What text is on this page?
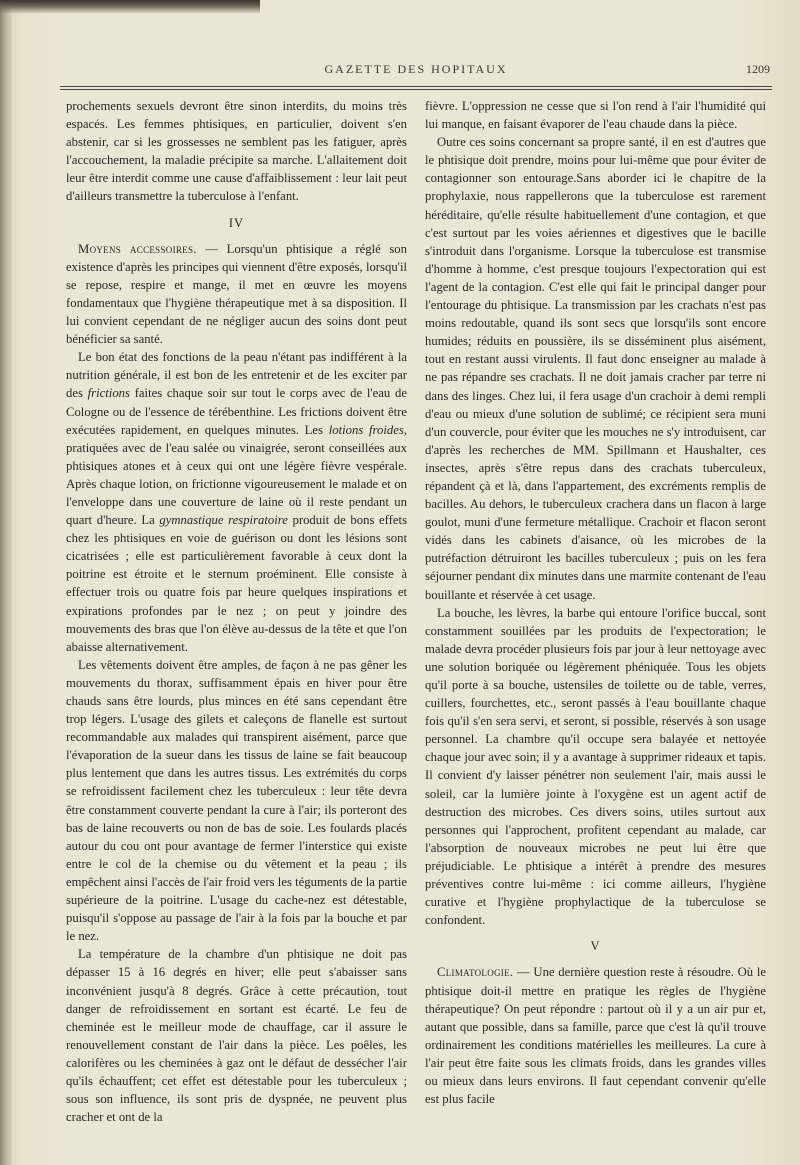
GAZETTE DES HOPITAUX	1209

prochements sexuels devront être sinon interdits, du moins très espacés. Les femmes phtisiques, en particulier, doivent s'en abstenir, car si les grossesses ne semblent pas les fatiguer, après l'accouchement, la maladie précipite sa marche. L'allaitement doit leur être interdit comme une cause d'affaiblissement : leur lait peut d'ailleurs transmettre la tuberculose à l'enfant.

IV

Moyens accessoires. — Lorsqu'un phtisique a réglé son existence d'après les principes qui viennent d'être exposés, lorsqu'il se repose, respire et mange, il met en œuvre les moyens fondamentaux que l'hygiène thérapeutique met à sa disposition. Il lui convient cependant de ne négliger aucun des soins dont peut bénéficier sa santé.

Le bon état des fonctions de la peau n'étant pas indifférent à la nutrition générale, il est bon de les entretenir et de les exciter par des frictions faites chaque soir sur tout le corps avec de l'eau de Cologne ou de l'essence de térébenthine. Les frictions doivent être exécutées rapidement, en quelques minutes. Les lotions froides, pratiquées avec de l'eau salée ou vinaigrée, seront conseillées aux phtisiques atones et à ceux qui ont une légère fièvre vespérale. Après chaque lotion, on frictionne vigoureusement le malade et on l'enveloppe dans une couverture de laine où il reste pendant un quart d'heure. La gymnastique respiratoire produit de bons effets chez les phtisiques en voie de guérison ou dont les lésions sont cicatrisées ; elle est particulièrement favorable à ceux dont la poitrine est étroite et le sternum proéminent. Elle consiste à effectuer trois ou quatre fois par heure quelques inspirations et expirations profondes par le nez ; on peut y joindre des mouvements des bras que l'on élève au-dessus de la tête et que l'on abaisse alternativement.

Les vêtements doivent être amples, de façon à ne pas gêner les mouvements du thorax, suffisamment épais en hiver pour être chauds sans être lourds, plus minces en été sans cependant être trop légers. L'usage des gilets et caleçons de flanelle est surtout recommandable aux malades qui transpirent aisément, parce que l'évaporation de la sueur dans les tissus de laine se fait beaucoup plus lentement que dans les autres tissus. Les extrémités du corps se refroidissent facilement chez les tuberculeux : leur tête devra être constamment couverte pendant la cure à l'air; ils porteront des bas de laine recouverts ou non de bas de soie. Les foulards placés autour du cou ont pour avantage de fermer l'interstice qui existe entre le col de la chemise ou du vêtement et la peau ; ils empêchent ainsi l'accès de l'air froid vers les téguments de la partie supérieure de la poitrine. L'usage du cache-nez est détestable, puisqu'il s'oppose au passage de l'air à la fois par la bouche et par le nez.

La température de la chambre d'un phtisique ne doit pas dépasser 15 à 16 degrés en hiver; elle peut s'abaisser sans inconvénient jusqu'à 8 degrés. Grâce à cette précaution, tout danger de refroidissement en sortant est écarté. Le feu de cheminée est le meilleur mode de chauffage, car il assure le renouvellement constant de l'air dans la pièce. Les poêles, les calorifères ou les cheminées à gaz ont le défaut de dessécher l'air qu'ils échauffent; cet effet est détestable pour les tuberculeux ; sous son influence, ils sont pris de dyspnée, ne peuvent plus cracher et ont de la

fièvre. L'oppression ne cesse que si l'on rend à l'air l'humidité qui lui manque, en faisant évaporer de l'eau chaude dans la pièce.

Outre ces soins concernant sa propre santé, il en est d'autres que le phtisique doit prendre, moins pour lui-même que pour éviter de contagionner son entourage.Sans aborder ici le chapitre de la prophylaxie, nous rappellerons que la tuberculose est rarement héréditaire, qu'elle résulte habituellement d'une contagion, et que c'est surtout par les voies aériennes et digestives que le bacille s'introduit dans l'organisme. Lorsque la tuberculose est transmise d'homme à homme, c'est presque toujours l'expectoration qui est l'agent de la contagion. C'est elle qui fait le principal danger pour l'entourage du phtisique. La transmission par les crachats n'est pas moins redoutable, quand ils sont secs que lorsqu'ils sont encore humides; réduits en poussière, ils se disséminent plus aisément, tout en restant aussi virulents. Il faut donc enseigner au malade à ne pas répandre ses crachats. Il ne doit jamais cracher par terre ni dans des linges. Chez lui, il fera usage d'un crachoir à demi rempli d'eau ou mieux d'une solution de sublimé; ce récipient sera muni d'un couvercle, pour éviter que les mouches ne s'y introduisent, car d'après les recherches de MM. Spillmann et Haushalter, ces insectes, après s'être repus dans des crachats tuberculeux, répandent çà et là, dans l'appartement, des excréments remplis de bacilles. Au dehors, le tuberculeux crachera dans un flacon à large goulot, muni d'une fermeture métallique. Crachoir et flacon seront vidés dans les cabinets d'aisance, où les microbes de la putréfaction détruiront les bacilles tuberculeux ; puis on les fera séjourner pendant dix minutes dans une marmite contenant de l'eau bouillante et réservée à cet usage.

La bouche, les lèvres, la barbe qui entoure l'orifice buccal, sont constamment souillées par les produits de l'expectoration; le malade devra procéder plusieurs fois par jour à leur nettoyage avec une solution boriquée ou légèrement phéniquée. Tous les objets qu'il porte à sa bouche, ustensiles de toilette ou de table, verres, cuillers, fourchettes, etc., seront passés à l'eau bouillante chaque fois qu'il s'en sera servi, et seront, si possible, réservés à son usage personnel. La chambre qu'il occupe sera balayée et nettoyée chaque jour avec soin; il y a avantage à supprimer rideaux et tapis. Il convient d'y laisser pénétrer non seulement l'air, mais aussi le soleil, car la lumière jointe à l'oxygène est un agent actif de destruction des microbes. Ces divers soins, utiles surtout aux personnes qui l'approchent, profitent cependant au malade, car l'absorption de nouveaux microbes ne peut lui être que préjudiciable. Le phtisique a intérêt à prendre des mesures préventives contre lui-même : ici comme ailleurs, l'hygiène curative et l'hygiène prophylactique de la tuberculose se confondent.

V

Climatologie. — Une dernière question reste à résoudre. Où le phtisique doit-il mettre en pratique les règles de l'hygiène thérapeutique? On peut répondre : partout où il y a un air pur et, autant que possible, dans sa famille, parce que c'est là qu'il trouve ordinairement les conditions matérielles les meilleures. La cure à l'air peut être faite sous les climats froids, dans les grandes villes ou mieux dans leurs environs. Il faut cependant convenir qu'elle est plus facile
